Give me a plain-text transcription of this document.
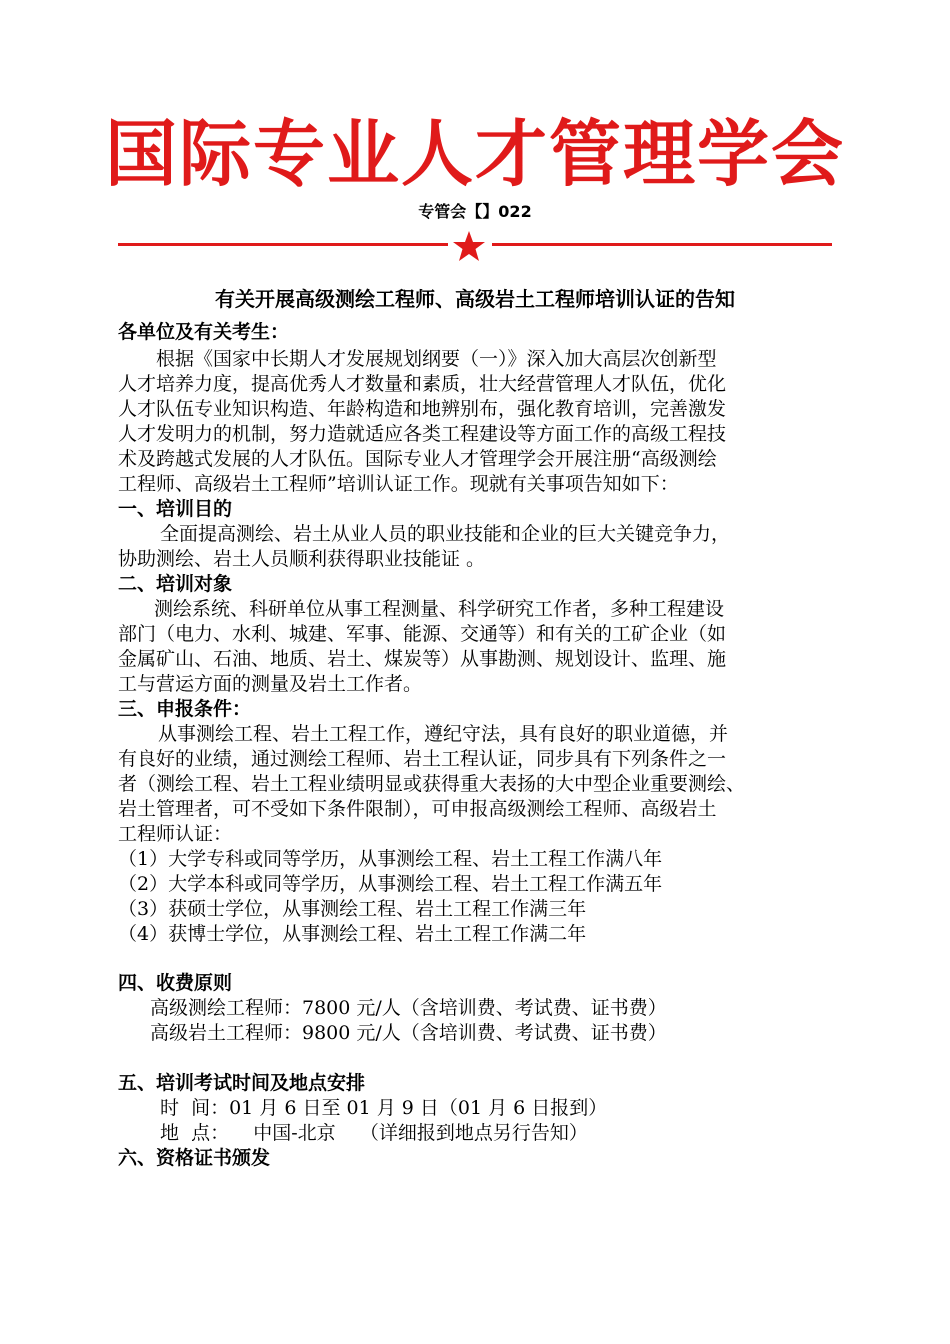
国际专业人才管理学会
专管会【】022
有关开展高级测绘工程师、高级岩土工程师培训认证的告知
各单位及有关考生：
根据《国家中长期人才发展规划纲要（一）》深入加大高层次创新型
人才培养力度，提高优秀人才数量和素质，壮大经营管理人才队伍，优化
人才队伍专业知识构造、年龄构造和地辨别布，强化教育培训，完善激发
人才发明力的机制，努力造就适应各类工程建设等方面工作的高级工程技
术及跨越式发展的人才队伍。国际专业人才管理学会开展注册“高级测绘
工程师、高级岩土工程师”培训认证工作。现就有关事项告知如下：
一、培训目的
全面提高测绘、岩土从业人员的职业技能和企业的巨大关键竞争力，
协助测绘、岩土人员顺利获得职业技能证 。
二、培训对象
测绘系统、科研单位从事工程测量、科学研究工作者，多种工程建设
部门（电力、水利、城建、军事、能源、交通等）和有关的工矿企业（如
金属矿山、石油、地质、岩土、煤炭等）从事勘测、规划设计、监理、施
工与营运方面的测量及岩土工作者。
三、申报条件：
从事测绘工程、岩土工程工作，遵纪守法，具有良好的职业道德，并
有良好的业绩，通过测绘工程师、岩土工程认证，同步具有下列条件之一
者（测绘工程、岩土工程业绩明显或获得重大表扬的大中型企业重要测绘、
岩土管理者，可不受如下条件限制），可申报高级测绘工程师、高级岩土
工程师认证：
（1）大学专科或同等学历，从事测绘工程、岩土工程工作满八年
（2）大学本科或同等学历，从事测绘工程、岩土工程工作满五年
（3）获硕士学位，从事测绘工程、岩土工程工作满三年
（4）获博士学位，从事测绘工程、岩土工程工作满二年
四、收费原则
高级测绘工程师：7800 元/人（含培训费、考试费、证书费）
高级岩土工程师：9800 元/人（含培训费、考试费、证书费）
五、培训考试时间及地点安排
时  间：01 月 6 日至 01 月 9 日（01 月 6 日报到）
地  点：    中国-北京    （详细报到地点另行告知）
六、资格证书颁发
